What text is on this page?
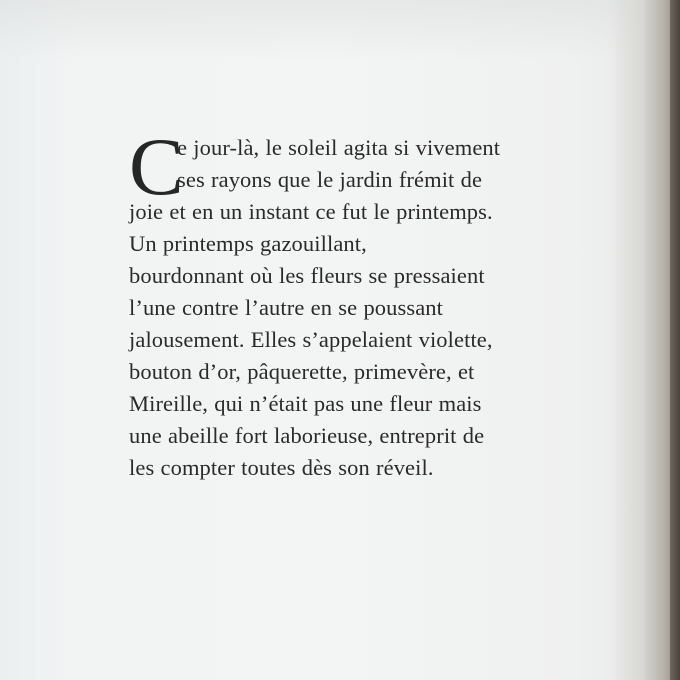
C
e jour-là, le soleil agita si vivement
ses rayons que le jardin frémit de
joie et en un instant ce fut le printemps.
Un printemps gazouillant,
bourdonnant où les fleurs se pressaient
l’une contre l’autre en se poussant
jalousement. Elles s’appelaient violette,
bouton d’or, pâquerette, primevère, et
Mireille, qui n’était pas une fleur mais
une abeille fort laborieuse, entreprit de
les compter toutes dès son réveil.
